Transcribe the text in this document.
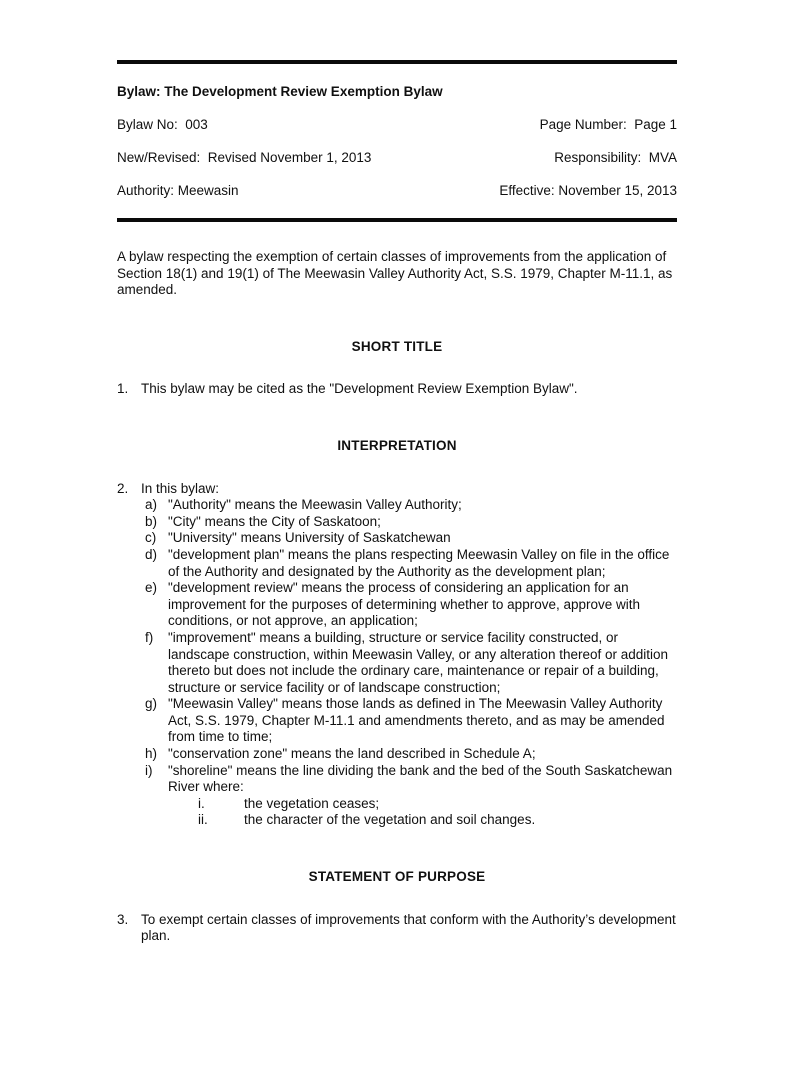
Bylaw: The Development Review Exemption Bylaw
Bylaw No:  003	Page Number:  Page 1
New/Revised:  Revised November 1, 2013	Responsibility:  MVA
Authority: Meewasin	Effective: November 15, 2013

A bylaw respecting the exemption of certain classes of improvements from the application of Section 18(1) and 19(1) of The Meewasin Valley Authority Act, S.S. 1979, Chapter M-11.1, as amended.

SHORT TITLE
1. This bylaw may be cited as the "Development Review Exemption Bylaw".
INTERPRETATION
2. In this bylaw:
a) "Authority" means the Meewasin Valley Authority;
b) "City" means the City of Saskatoon;
c) "University" means University of Saskatchewan
d) "development plan" means the plans respecting Meewasin Valley on file in the office of the Authority and designated by the Authority as the development plan;
e) "development review" means the process of considering an application for an improvement for the purposes of determining whether to approve, approve with conditions, or not approve, an application;
f)	"improvement" means a building, structure or service facility constructed, or landscape construction, within Meewasin Valley, or any alteration thereof or addition thereto but does not include the ordinary care, maintenance or repair of a building, structure or service facility or of landscape construction;
g) "Meewasin Valley" means those lands as defined in The Meewasin Valley Authority Act, S.S. 1979, Chapter M-11.1 and amendments thereto, and as may be amended from time to time;
h) "conservation zone" means the land described in Schedule A;
i)	"shoreline" means the line dividing the bank and the bed of the South Saskatchewan River where:
i.	the vegetation ceases;
ii.	the character of the vegetation and soil changes.
STATEMENT OF PURPOSE
3. To exempt certain classes of improvements that conform with the Authority’s development plan.
